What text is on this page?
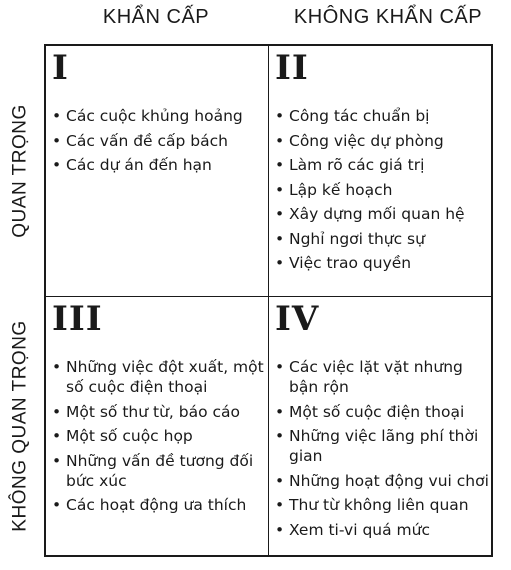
KHẨN CẤP	KHÔNG KHẨN CẤP
QUAN TRỌNG
KHÔNG QUAN TRỌNG
I
• Các cuộc khủng hoảng
• Các vấn đề cấp bách
• Các dự án đến hạn
II
• Công tác chuẩn bị
• Công việc dự phòng
• Làm rõ các giá trị
• Lập kế hoạch
• Xây dựng mối quan hệ
• Nghỉ ngơi thực sự
• Việc trao quyền
III
• Những việc đột xuất, một số cuộc điện thoại
• Một số thư từ, báo cáo
• Một số cuộc họp
• Những vấn đề tương đối bức xúc
• Các hoạt động ưa thích
IV
• Các việc lặt vặt nhưng bận rộn
• Một số cuộc điện thoại
• Những việc lãng phí thời gian
• Những hoạt động vui chơi
• Thư từ không liên quan
• Xem ti-vi quá mức
